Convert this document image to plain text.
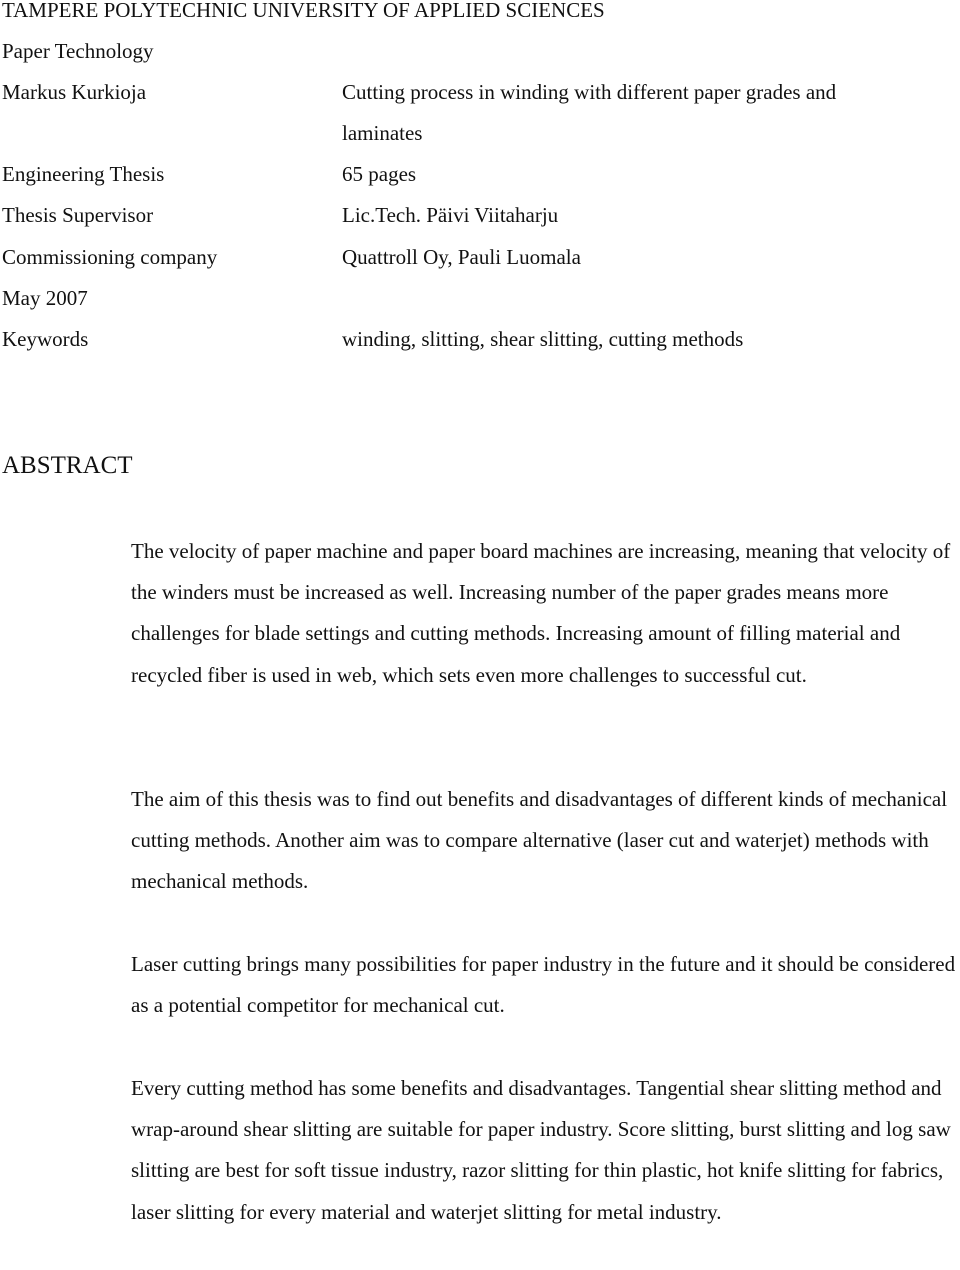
TAMPERE POLYTECHNIC UNIVERSITY OF APPLIED SCIENCES
Paper Technology
Markus Kurkioja	Cutting process in winding with different paper grades and
laminates
Engineering Thesis	65 pages
Thesis Supervisor	Lic.Tech. Päivi Viitaharju
Commissioning company	Quattroll Oy, Pauli Luomala
May 2007
Keywords	winding, slitting, shear slitting, cutting methods
ABSTRACT

The velocity of paper machine and paper board machines are increasing, meaning that velocity of the winders must be increased as well. Increasing number of the paper grades means more challenges for blade settings and cutting methods. Increasing amount of filling material and recycled fiber is used in web, which sets even more challenges to successful cut.

The aim of this thesis was to find out benefits and disadvantages of different kinds of mechanical cutting methods. Another aim was to compare alternative (laser cut and waterjet) methods with mechanical methods.

Laser cutting brings many possibilities for paper industry in the future and it should be considered as a potential competitor for mechanical cut.

Every cutting method has some benefits and disadvantages. Tangential shear slitting method and wrap-around shear slitting are suitable for paper industry. Score slitting, burst slitting and log saw slitting are best for soft tissue industry, razor slitting for thin plastic, hot knife slitting for fabrics, laser slitting for every material and waterjet slitting for metal industry.
